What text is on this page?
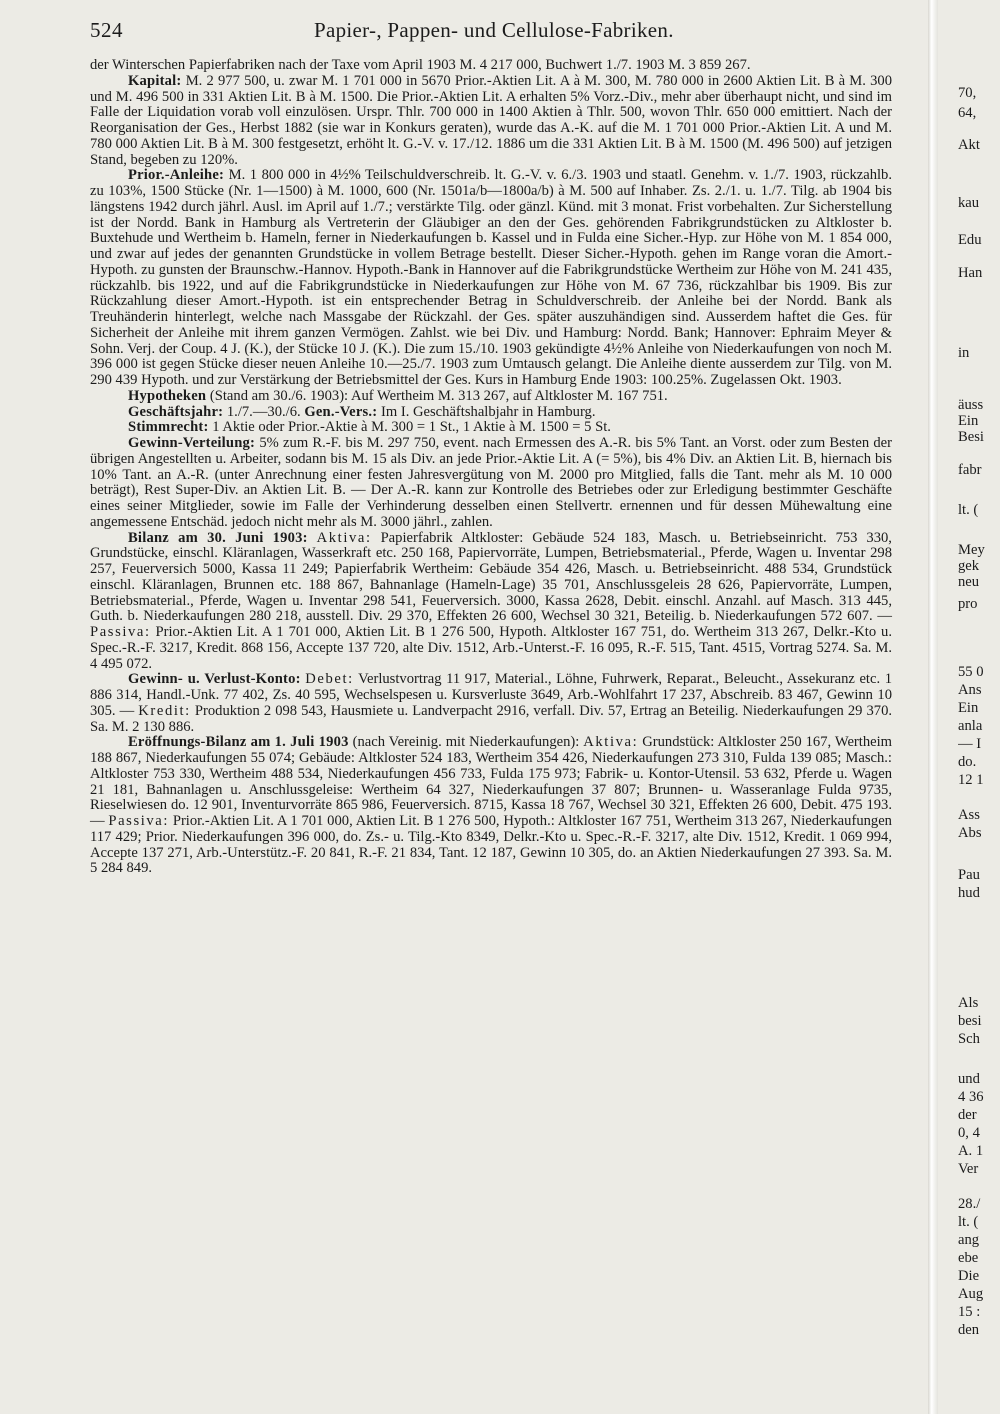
524	Papier-, Pappen- und Cellulose-Fabriken.

der Winterschen Papierfabriken nach der Taxe vom April 1903 M. 4 217 000, Buchwert 1./7. 1903 M. 3 859 267.

Kapital: M. 2 977 500, u. zwar M. 1 701 000 in 5670 Prior.-Aktien Lit. A à M. 300, M. 780 000 in 2600 Aktien Lit. B à M. 300 und M. 496 500 in 331 Aktien Lit. B à M. 1500. Die Prior.-Aktien Lit. A erhalten 5% Vorz.-Div., mehr aber überhaupt nicht, und sind im Falle der Liquidation vorab voll einzulösen. Urspr. Thlr. 700 000 in 1400 Aktien à Thlr. 500, wovon Thlr. 650 000 emittiert. Nach der Reorganisation der Ges., Herbst 1882 (sie war in Konkurs geraten), wurde das A.-K. auf die M. 1 701 000 Prior.-Aktien Lit. A und M. 780 000 Aktien Lit. B à M. 300 festgesetzt, erhöht lt. G.-V. v. 17./12. 1886 um die 331 Aktien Lit. B à M. 1500 (M. 496 500) auf jetzigen Stand, begeben zu 120%.

Prior.-Anleihe: M. 1 800 000 in 4½% Teilschuldverschreib. lt. G.-V. v. 6./3. 1903 und staatl. Genehm. v. 1./7. 1903, rückzahlb. zu 103%, 1500 Stücke (Nr. 1—1500) à M. 1000, 600 (Nr. 1501a/b—1800a/b) à M. 500 auf Inhaber. Zs. 2./1. u. 1./7. Tilg. ab 1904 bis längstens 1942 durch jährl. Ausl. im April auf 1./7.; verstärkte Tilg. oder gänzl. Künd. mit 3 monat. Frist vorbehalten. Zur Sicherstellung ist der Nordd. Bank in Hamburg als Vertreterin der Gläubiger an den der Ges. gehörenden Fabrikgrundstücken zu Altkloster b. Buxtehude und Wertheim b. Hameln, ferner in Niederkaufungen b. Kassel und in Fulda eine Sicher.-Hyp. zur Höhe von M. 1 854 000, und zwar auf jedes der genannten Grundstücke in vollem Betrage bestellt. Dieser Sicher.-Hypoth. gehen im Range voran die Amort.-Hypoth. zu gunsten der Braunschw.-Hannov. Hypoth.-Bank in Hannover auf die Fabrikgrundstücke Wertheim zur Höhe von M. 241 435, rückzahlb. bis 1922, und auf die Fabrikgrundstücke in Niederkaufungen zur Höhe von M. 67 736, rückzahlbar bis 1909. Bis zur Rückzahlung dieser Amort.-Hypoth. ist ein entsprechender Betrag in Schuldverschreib. der Anleihe bei der Nordd. Bank als Treuhänderin hinterlegt, welche nach Massgabe der Rückzahl. der Ges. später auszuhändigen sind. Ausserdem haftet die Ges. für Sicherheit der Anleihe mit ihrem ganzen Vermögen. Zahlst. wie bei Div. und Hamburg: Nordd. Bank; Hannover: Ephraim Meyer & Sohn. Verj. der Coup. 4 J. (K.), der Stücke 10 J. (K.). Die zum 15./10. 1903 gekündigte 4½% Anleihe von Niederkaufungen von noch M. 396 000 ist gegen Stücke dieser neuen Anleihe 10.—25./7. 1903 zum Umtausch gelangt. Die Anleihe diente ausserdem zur Tilg. von M. 290 439 Hypoth. und zur Verstärkung der Betriebsmittel der Ges. Kurs in Hamburg Ende 1903: 100.25%. Zugelassen Okt. 1903.

Hypotheken (Stand am 30./6. 1903): Auf Wertheim M. 313 267, auf Altkloster M. 167 751.

Geschäftsjahr: 1./7.—30./6. Gen.-Vers.: Im I. Geschäftshalbjahr in Hamburg.

Stimmrecht: 1 Aktie oder Prior.-Aktie à M. 300 = 1 St., 1 Aktie à M. 1500 = 5 St.

Gewinn-Verteilung: 5% zum R.-F. bis M. 297 750, event. nach Ermessen des A.-R. bis 5% Tant. an Vorst. oder zum Besten der übrigen Angestellten u. Arbeiter, sodann bis M. 15 als Div. an jede Prior.-Aktie Lit. A (= 5%), bis 4% Div. an Aktien Lit. B, hiernach bis 10% Tant. an A.-R. (unter Anrechnung einer festen Jahresvergütung von M. 2000 pro Mitglied, falls die Tant. mehr als M. 10 000 beträgt), Rest Super-Div. an Aktien Lit. B. — Der A.-R. kann zur Kontrolle des Betriebes oder zur Erledigung bestimmter Geschäfte eines seiner Mitglieder, sowie im Falle der Verhinderung desselben einen Stellvertr. ernennen und für dessen Mühewaltung eine angemessene Entschäd. jedoch nicht mehr als M. 3000 jährl., zahlen.

Bilanz am 30. Juni 1903: Aktiva: Papierfabrik Altkloster: Gebäude 524 183, Masch. u. Betriebseinricht. 753 330, Grundstücke, einschl. Kläranlagen, Wasserkraft etc. 250 168, Papiervorräte, Lumpen, Betriebsmaterial., Pferde, Wagen u. Inventar 298 257, Feuerversich 5000, Kassa 11 249; Papierfabrik Wertheim: Gebäude 354 426, Masch. u. Betriebseinricht. 488 534, Grundstück einschl. Kläranlagen, Brunnen etc. 188 867, Bahnanlage (Hameln-Lage) 35 701, Anschlussgeleis 28 626, Papiervorräte, Lumpen, Betriebsmaterial., Pferde, Wagen u. Inventar 298 541, Feuerversich. 3000, Kassa 2628, Debit. einschl. Anzahl. auf Masch. 313 445, Guth. b. Niederkaufungen 280 218, ausstell. Div. 29 370, Effekten 26 600, Wechsel 30 321, Beteilig. b. Niederkaufungen 572 607. — Passiva: Prior.-Aktien Lit. A 1 701 000, Aktien Lit. B 1 276 500, Hypoth. Altkloster 167 751, do. Wertheim 313 267, Delkr.-Kto u. Spec.-R.-F. 3217, Kredit. 868 156, Accepte 137 720, alte Div. 1512, Arb.-Unterst.-F. 16 095, R.-F. 515, Tant. 4515, Vortrag 5274. Sa. M. 4 495 072.

Gewinn- u. Verlust-Konto: Debet: Verlustvortrag 11 917, Material., Löhne, Fuhrwerk, Reparat., Beleucht., Assekuranz etc. 1 886 314, Handl.-Unk. 77 402, Zs. 40 595, Wechselspesen u. Kursverluste 3649, Arb.-Wohlfahrt 17 237, Abschreib. 83 467, Gewinn 10 305. — Kredit: Produktion 2 098 543, Hausmiete u. Landverpacht 2916, verfall. Div. 57, Ertrag an Beteilig. Niederkaufungen 29 370. Sa. M. 2 130 886.

Eröffnungs-Bilanz am 1. Juli 1903 (nach Vereinig. mit Niederkaufungen): Aktiva: Grundstück: Altkloster 250 167, Wertheim 188 867, Niederkaufungen 55 074; Gebäude: Altkloster 524 183, Wertheim 354 426, Niederkaufungen 273 310, Fulda 139 085; Masch.: Altkloster 753 330, Wertheim 488 534, Niederkaufungen 456 733, Fulda 175 973; Fabrik- u. Kontor-Utensil. 53 632, Pferde u. Wagen 21 181, Bahnanlagen u. Anschlussgeleise: Wertheim 64 327, Niederkaufungen 37 807; Brunnen- u. Wasseranlage Fulda 9735, Rieselwiesen do. 12 901, Inventurvorräte 865 986, Feuerversich. 8715, Kassa 18 767, Wechsel 30 321, Effekten 26 600, Debit. 475 193. — Passiva: Prior.-Aktien Lit. A 1 701 000, Aktien Lit. B 1 276 500, Hypoth.: Altkloster 167 751, Wertheim 313 267, Niederkaufungen 117 429; Prior. Niederkaufungen 396 000, do. Zs.- u. Tilg.-Kto 8349, Delkr.-Kto u. Spec.-R.-F. 3217, alte Div. 1512, Kredit. 1 069 994, Accepte 137 271, Arb.-Unterstütz.-F. 20 841, R.-F. 21 834, Tant. 12 187, Gewinn 10 305, do. an Aktien Niederkaufungen 27 393. Sa. M. 5 284 849.

70,
64,
Akt
kau
Edu
Han
in
äuss
Ein
Besi
fabr
lt. (
Mey
gek
neu
pro
55 0
Ans
Ein
anla
— I
do.
12 1
Ass
Abs
Pau
hud
Als
besi
Sch
und
4 36
der
0, 4
A. 1
Ver
28./
lt. (
ang
ebe
Die
Aug
15 :
den
